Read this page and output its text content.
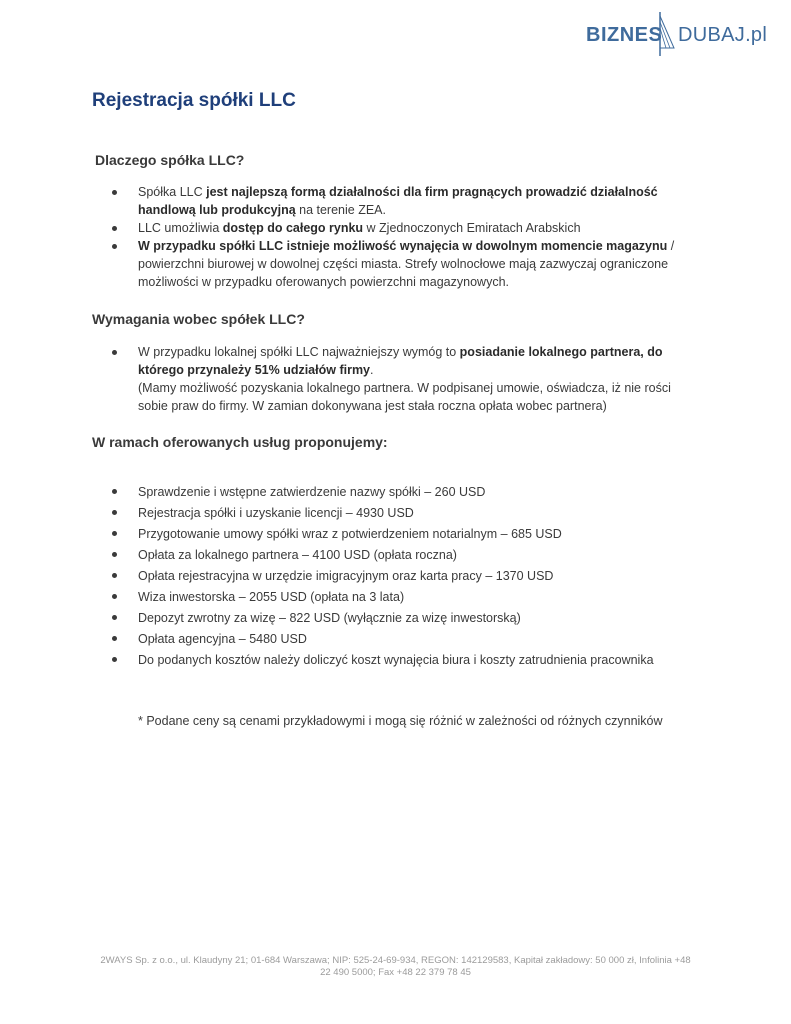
BIZNES DUBAJ.pl
Rejestracja spółki LLC
Dlaczego spółka LLC?
Spółka LLC jest najlepszą formą działalności dla firm pragnących prowadzić działalność handlową lub produkcyjną na terenie ZEA.
LLC umożliwia dostęp do całego rynku w Zjednoczonych Emiratach Arabskich
W przypadku spółki LLC istnieje możliwość wynajęcia w dowolnym momencie magazynu / powierzchni biurowej w dowolnej części miasta. Strefy wolnocłowe mają zazwyczaj ograniczone możliwości w przypadku oferowanych powierzchni magazynowych.
Wymagania wobec spółek LLC?
W przypadku lokalnej spółki LLC najważniejszy wymóg to posiadanie lokalnego partnera, do którego przynależy 51% udziałów firmy.
(Mamy możliwość pozyskania lokalnego partnera. W podpisanej umowie, oświadcza, iż nie rości sobie praw do firmy. W zamian dokonywana jest stała roczna opłata wobec partnera)
W ramach oferowanych usług proponujemy:
Sprawdzenie i wstępne zatwierdzenie nazwy spółki – 260 USD
Rejestracja spółki i uzyskanie licencji – 4930 USD
Przygotowanie umowy spółki wraz z potwierdzeniem notarialnym – 685 USD
Opłata za lokalnego partnera – 4100 USD (opłata roczna)
Opłata rejestracyjna w urzędzie imigracyjnym oraz karta pracy – 1370 USD
Wiza inwestorska – 2055 USD (opłata na 3 lata)
Depozyt zwrotny za wizę – 822 USD (wyłącznie za wizę inwestorską)
Opłata agencyjna – 5480 USD
Do podanych kosztów należy doliczyć koszt wynajęcia biura i koszty zatrudnienia pracownika
* Podane ceny są cenami przykładowymi i mogą się różnić w zależności od różnych czynników
2WAYS Sp. z o.o., ul. Klaudyny 21; 01-684 Warszawa; NIP: 525-24-69-934, REGON: 142129583, Kapitał zakładowy: 50 000 zł, Infolinia +48
22 490 5000; Fax +48 22 379 78 45
